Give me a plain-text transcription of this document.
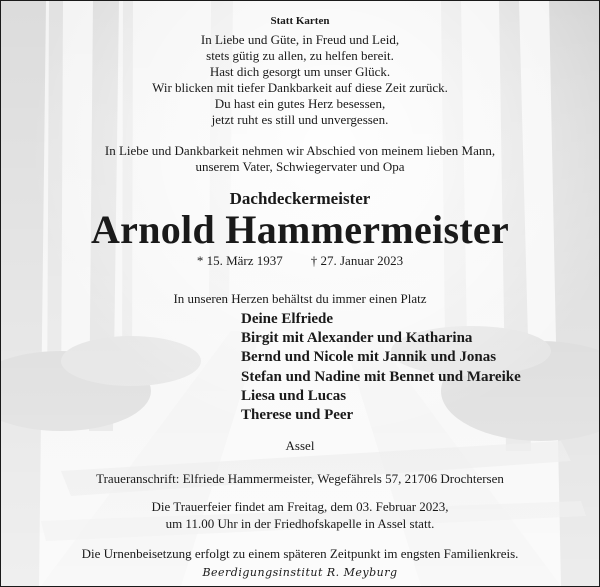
Statt Karten
In Liebe und Güte, in Freud und Leid,
stets gütig zu allen, zu helfen bereit.
Hast dich gesorgt um unser Glück.
Wir blicken mit tiefer Dankbarkeit auf diese Zeit zurück.
Du hast ein gutes Herz besessen,
jetzt ruht es still und unvergessen.
In Liebe und Dankbarkeit nehmen wir Abschied von meinem lieben Mann,
unserem Vater, Schwiegervater und Opa
Dachdeckermeister
Arnold Hammermeister
* 15. März 1937 † 27. Januar 2023
In unseren Herzen behältst du immer einen Platz
Deine Elfriede
Birgit mit Alexander und Katharina
Bernd und Nicole mit Jannik und Jonas
Stefan und Nadine mit Bennet und Mareike
Liesa und Lucas
Therese und Peer
Assel
Traueranschrift: Elfriede Hammermeister, Wegefährels 57, 21706 Drochtersen
Die Trauerfeier findet am Freitag, dem 03. Februar 2023,
um 11.00 Uhr in der Friedhofskapelle in Assel statt.
Die Urnenbeisetzung erfolgt zu einem späteren Zeitpunkt im engsten Familienkreis.
Beerdigungsinstitut R. Meyburg
